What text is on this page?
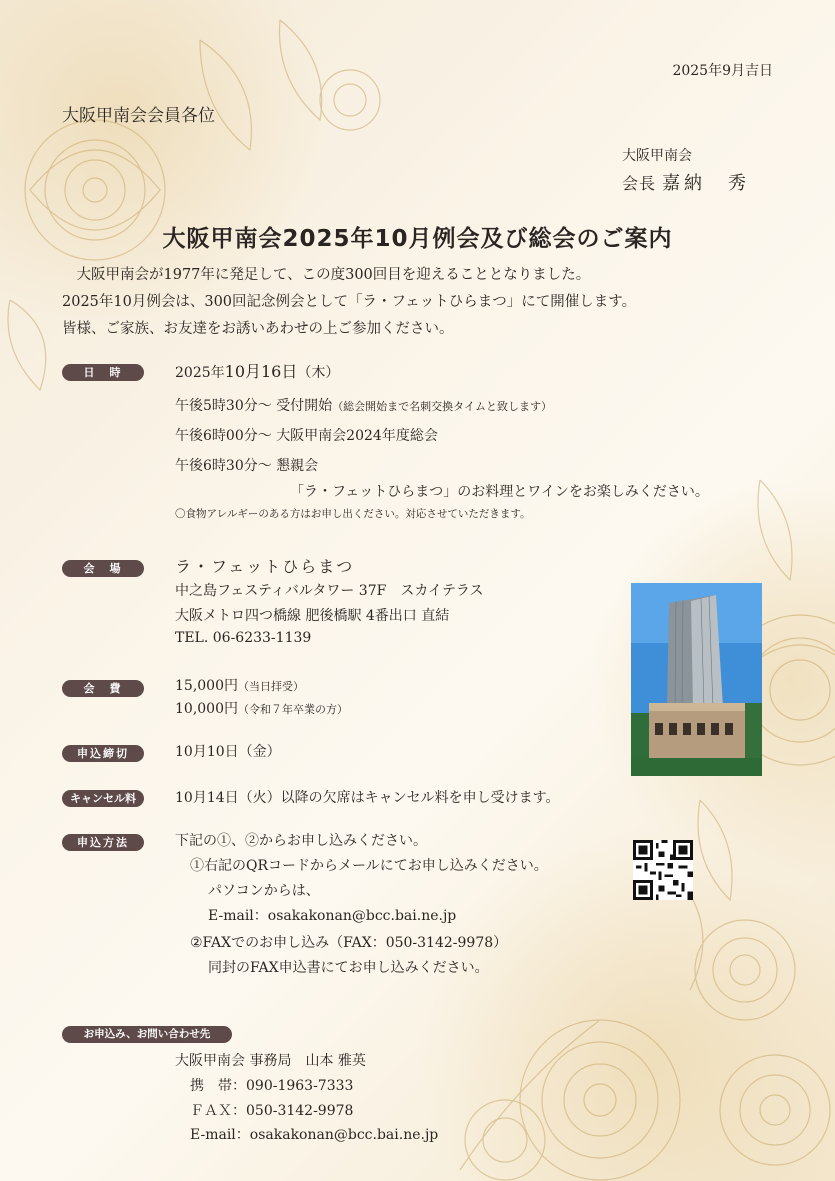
2025年9月吉日
大阪甲南会会員各位
大阪甲南会
会長 嘉納　秀
大阪甲南会2025年10月例会及び総会のご案内
　大阪甲南会が1977年に発足して、この度300回目を迎えることとなりました。
2025年10月例会は、300回記念例会として「ラ・フェットひらまつ」にて開催します。
皆様、ご家族、お友達をお誘いあわせの上ご参加ください。
日　時	2025年10月16日（木）
午後5時30分～ 受付開始（総会開始まで名刺交換タイムと致します）
午後6時00分～ 大阪甲南会2024年度総会
午後6時30分～ 懇親会
「ラ・フェットひらまつ」のお料理とワインをお楽しみください。
〇食物アレルギーのある方はお申し出ください。対応させていただきます。
会　場	ラ・フェットひらまつ
中之島フェスティバルタワー 37F　スカイテラス
大阪メトロ四つ橋線 肥後橋駅 4番出口 直結
TEL. 06-6233-1139
会　費	15,000円（当日拝受）
10,000円（令和７年卒業の方）
申込締切	10月10日（金）
キャンセル料	10月14日（火）以降の欠席はキャンセル料を申し受けます。
申込方法	下記の①、②からお申し込みください。
①右記のQRコードからメールにてお申し込みください。
パソコンからは、
E-mail：osakakonan@bcc.bai.ne.jp
②FAXでのお申し込み（FAX：050-3142-9978）
同封のFAX申込書にてお申し込みください。
お申込み、お問い合わせ先
大阪甲南会 事務局　山本 雅英
携　帯：090-1963-7333
ＦＡＸ：050-3142-9978
E-mail：osakakonan@bcc.bai.ne.jp
